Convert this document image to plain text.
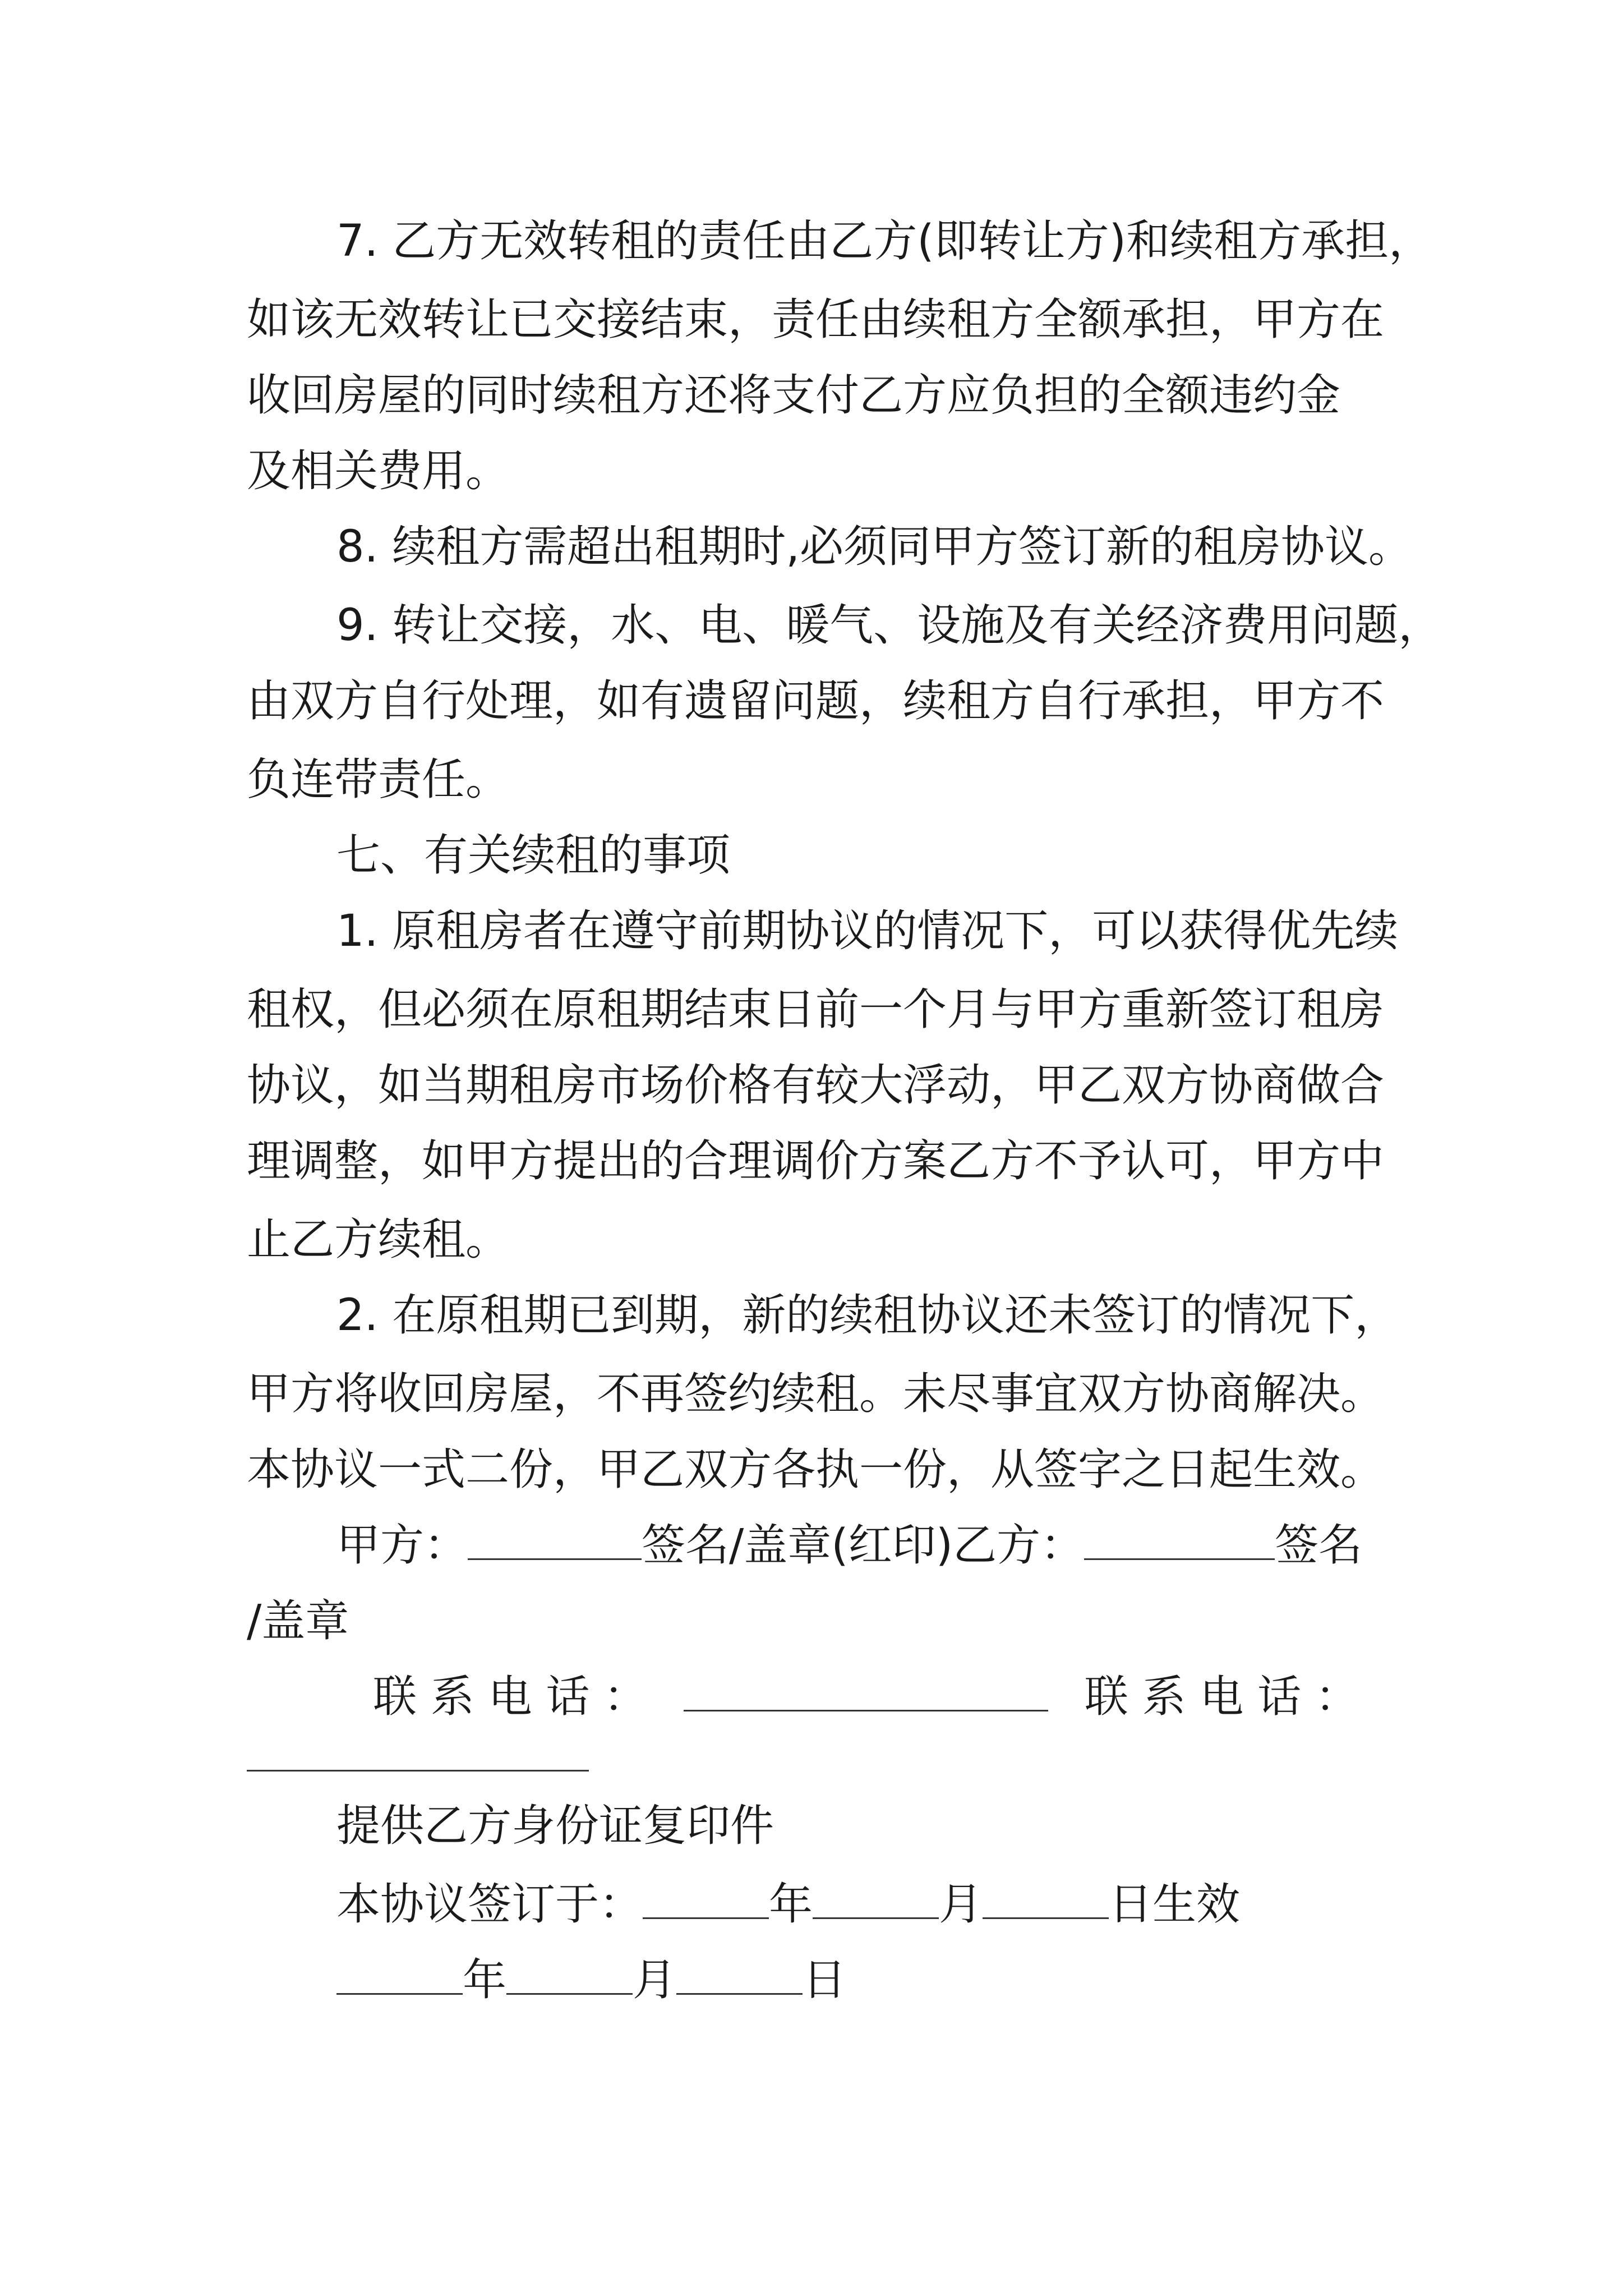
7. 乙方无效转租的责任由乙方(即转让方)和续租方承担，

如该无效转让已交接结束，责任由续租方全额承担，甲方在

收回房屋的同时续租方还将支付乙方应负担的全额违约金

及相关费用。

8. 续租方需超出租期时,必须同甲方签订新的租房协议。

9. 转让交接，水、电、暖气、设施及有关经济费用问题，

由双方自行处理，如有遗留问题，续租方自行承担，甲方不

负连带责任。

七、有关续租的事项

1. 原租房者在遵守前期协议的情况下，可以获得优先续

租权，但必须在原租期结束日前一个月与甲方重新签订租房

协议，如当期租房市场价格有较大浮动，甲乙双方协商做合

理调整，如甲方提出的合理调价方案乙方不予认可，甲方中

止乙方续租。

2. 在原租期已到期，新的续租协议还未签订的情况下，

甲方将收回房屋，不再签约续租。未尽事宜双方协商解决。

本协议一式二份，甲乙双方各执一份，从签字之日起生效。

甲方：	签名/盖章(红印)乙方：	签名

/盖章

联 系 电 话 ：	联 系 电 话 ：

提供乙方身份证复印件

本协议签订于：	年	月	日生效

年	月	日
